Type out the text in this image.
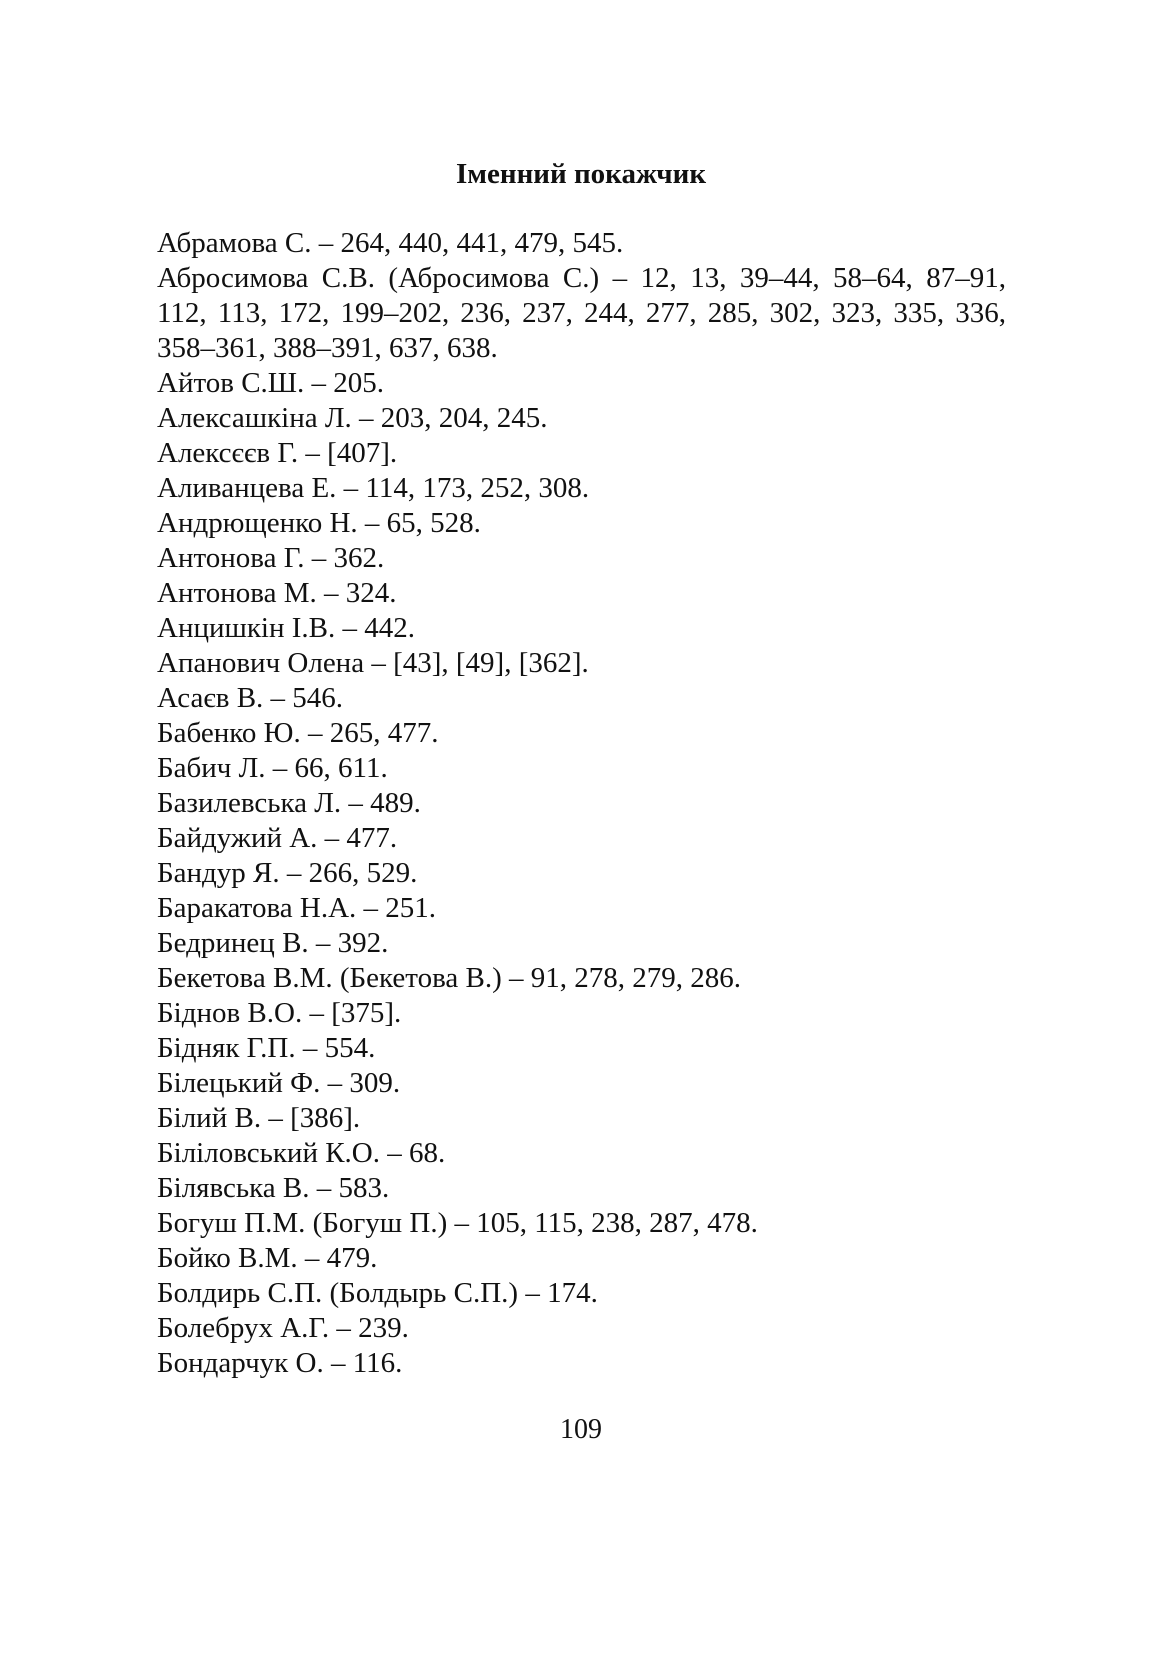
Іменний покажчик
Абрамова С. – 264, 440, 441, 479, 545.
Абросимова С.В. (Абросимова С.) – 12, 13, 39–44, 58–64, 87–91, 112, 113, 172, 199–202, 236, 237, 244, 277, 285, 302, 323, 335, 336, 358–361, 388–391, 637, 638.
Айтов С.Ш. – 205.
Алексашкіна Л. – 203, 204, 245.
Алексєєв Г. – [407].
Аливанцева Е. – 114, 173, 252, 308.
Андрющенко Н. – 65, 528.
Антонова Г. – 362.
Антонова М. – 324.
Анцишкін І.В. – 442.
Апанович Олена – [43], [49], [362].
Асаєв В. – 546.
Бабенко Ю. – 265, 477.
Бабич Л. – 66, 611.
Базилевська Л. – 489.
Байдужий А. – 477.
Бандур Я. – 266, 529.
Баракатова Н.А. – 251.
Бедринец В. – 392.
Бекетова В.М. (Бекетова В.) – 91, 278, 279, 286.
Біднов В.О. – [375].
Бідняк Г.П. – 554.
Білецький Ф. – 309.
Білий В. – [386].
Біліловський К.О. – 68.
Білявська В. – 583.
Богуш П.М. (Богуш П.) – 105, 115, 238, 287, 478.
Бойко В.М. – 479.
Болдирь С.П. (Болдырь С.П.) – 174.
Болебрух А.Г. – 239.
Бондарчук О. – 116.
109
